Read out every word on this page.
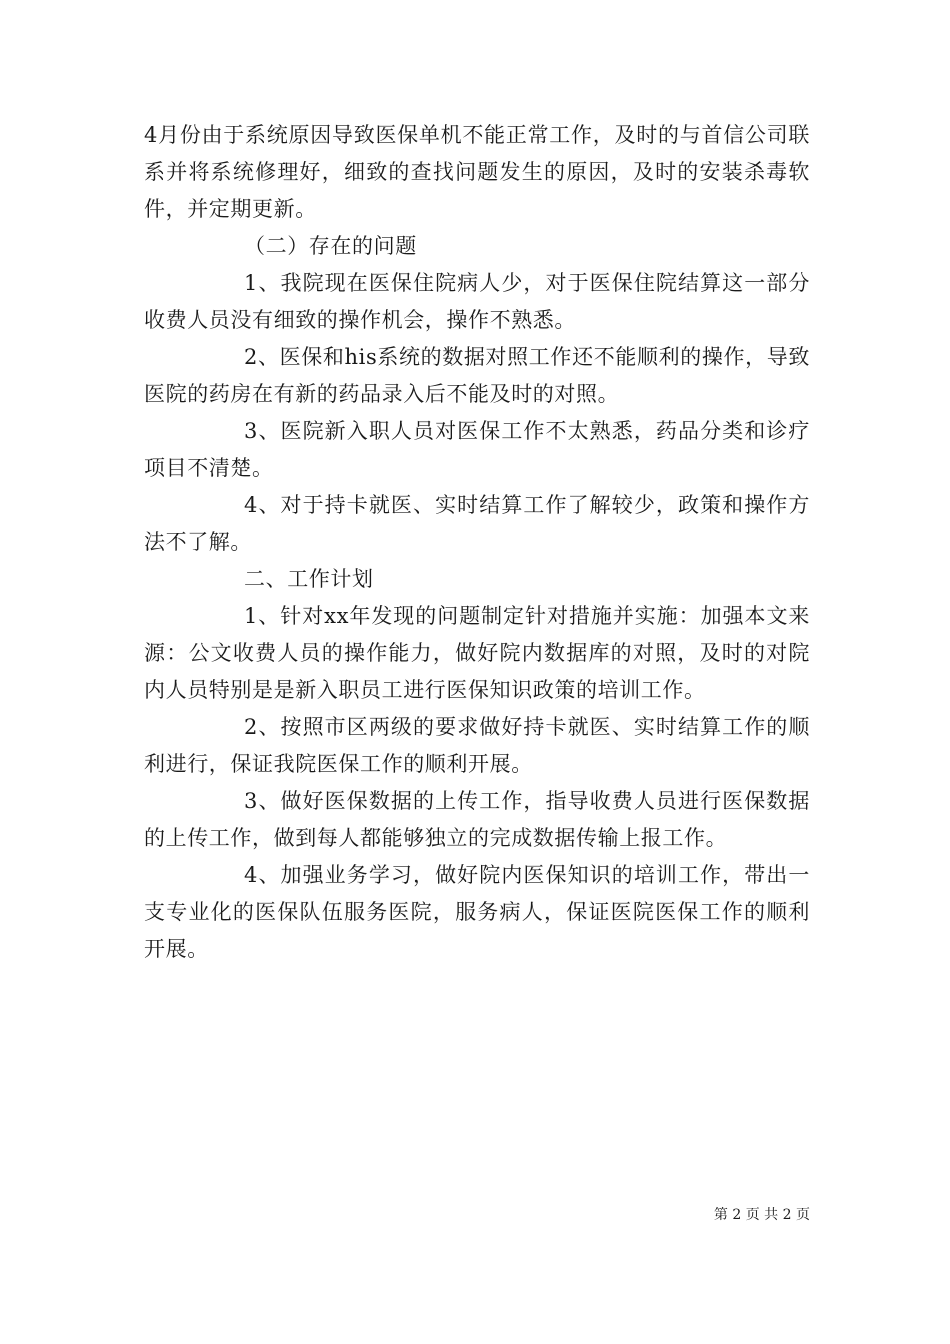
4月份由于系统原因导致医保单机不能正常工作，及时的与首信公司联系并将系统修理好，细致的查找问题发生的原因，及时的安装杀毒软件，并定期更新。

（二）存在的问题

1、我院现在医保住院病人少，对于医保住院结算这一部分收费人员没有细致的操作机会，操作不熟悉。

2、医保和his系统的数据对照工作还不能顺利的操作，导致医院的药房在有新的药品录入后不能及时的对照。

3、医院新入职人员对医保工作不太熟悉，药品分类和诊疗项目不清楚。

4、对于持卡就医、实时结算工作了解较少，政策和操作方法不了解。

二、工作计划

1、针对xx年发现的问题制定针对措施并实施：加强本文来源：公文收费人员的操作能力，做好院内数据库的对照，及时的对院内人员特别是是新入职员工进行医保知识政策的培训工作。

2、按照市区两级的要求做好持卡就医、实时结算工作的顺利进行，保证我院医保工作的顺利开展。

3、做好医保数据的上传工作，指导收费人员进行医保数据的上传工作，做到每人都能够独立的完成数据传输上报工作。

4、加强业务学习，做好院内医保知识的培训工作，带出一支专业化的医保队伍服务医院，服务病人，保证医院医保工作的顺利开展。

第 2 页 共 2 页
